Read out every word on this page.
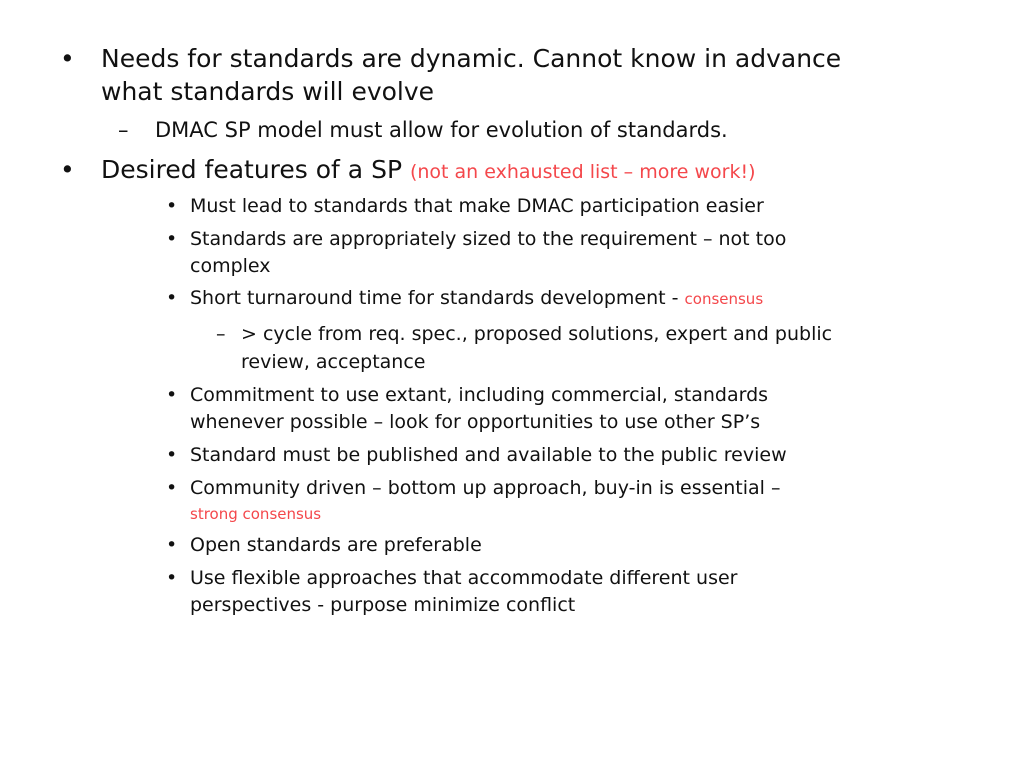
• Needs for standards are dynamic. Cannot know in advance
what standards will evolve
– DMAC SP model must allow for evolution of standards.
• Desired features of a SP (not an exhausted list – more work!)
• Must lead to standards that make DMAC participation easier
• Standards are appropriately sized to the requirement – not too
complex
• Short turnaround time for standards development - consensus
– > cycle from req. spec., proposed solutions, expert and public
review, acceptance
• Commitment to use extant, including commercial, standards
whenever possible – look for opportunities to use other SP’s
• Standard must be published and available to the public review
• Community driven – bottom up approach, buy-in is essential –
strong consensus
• Open standards are preferable
• Use flexible approaches that accommodate different user
perspectives - purpose minimize conflict
